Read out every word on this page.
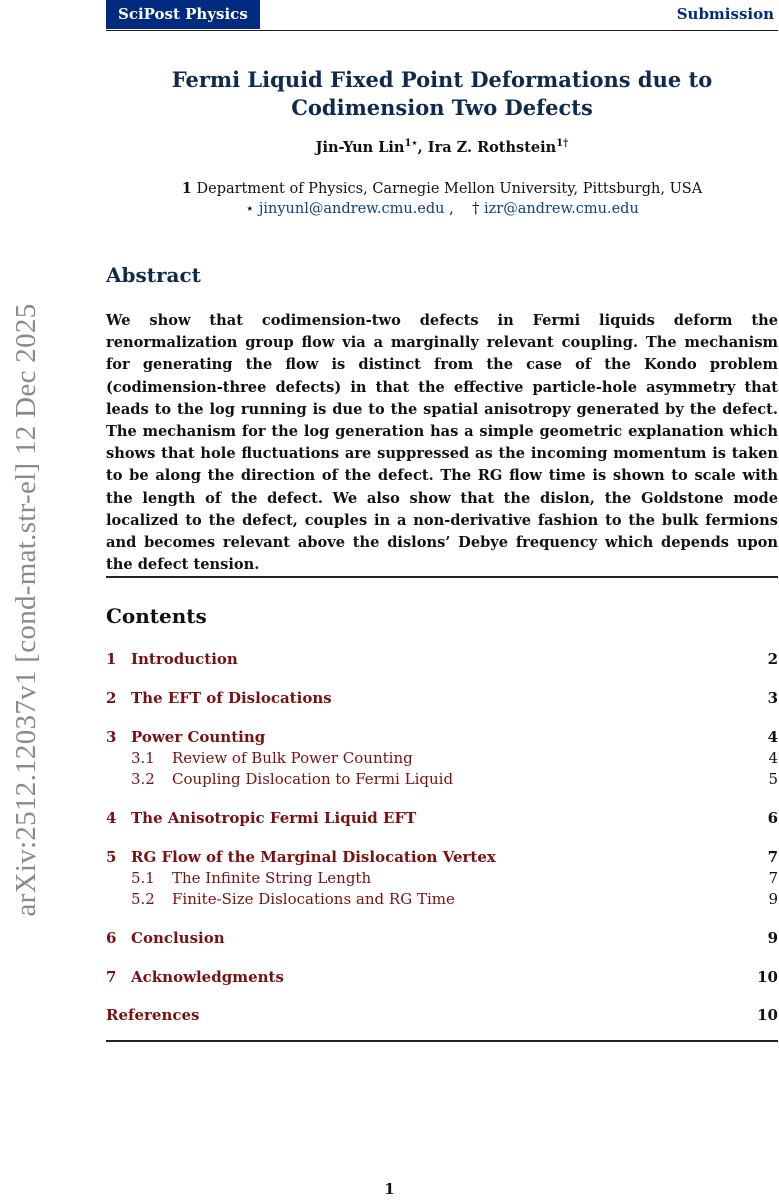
arXiv:2512.12037v1 [cond-mat.str-el] 12 Dec 2025
SciPost Physics	Submission
Fermi Liquid Fixed Point Deformations due to Codimension Two Defects
Jin-Yun Lin$^{1⋆}$, Ira Z. Rothstein$^{1\dagger}$
1 Department of Physics, Carnegie Mellon University, Pittsburgh, USA
⋆ jinyunl@andrew.cmu.edu ,    † izr@andrew.cmu.edu
Abstract
We show that codimension-two defects in Fermi liquids deform the renormalization group flow via a marginally relevant coupling. The mechanism for generating the flow is distinct from the case of the Kondo problem (codimension-three defects) in that the effective particle-hole asymmetry that leads to the log running is due to the spatial anisotropy generated by the defect. The mechanism for the log generation has a simple geometric explanation which shows that hole fluctuations are suppressed as the incoming momentum is taken to be along the direction of the defect. The RG flow time is shown to scale with the length of the defect. We also show that the dislon, the Goldstone mode localized to the defect, couples in a non-derivative fashion to the bulk fermions and becomes relevant above the dislons’ Debye frequency which depends upon the defect tension.
Contents
1 Introduction	2
2 The EFT of Dislocations	3
3 Power Counting	4
3.1 Review of Bulk Power Counting	4
3.2 Coupling Dislocation to Fermi Liquid	5
4 The Anisotropic Fermi Liquid EFT	6
5 RG Flow of the Marginal Dislocation Vertex	7
5.1 The Infinite String Length	7
5.2 Finite-Size Dislocations and RG Time	9
6 Conclusion	9
7 Acknowledgments	10
References	10
1
